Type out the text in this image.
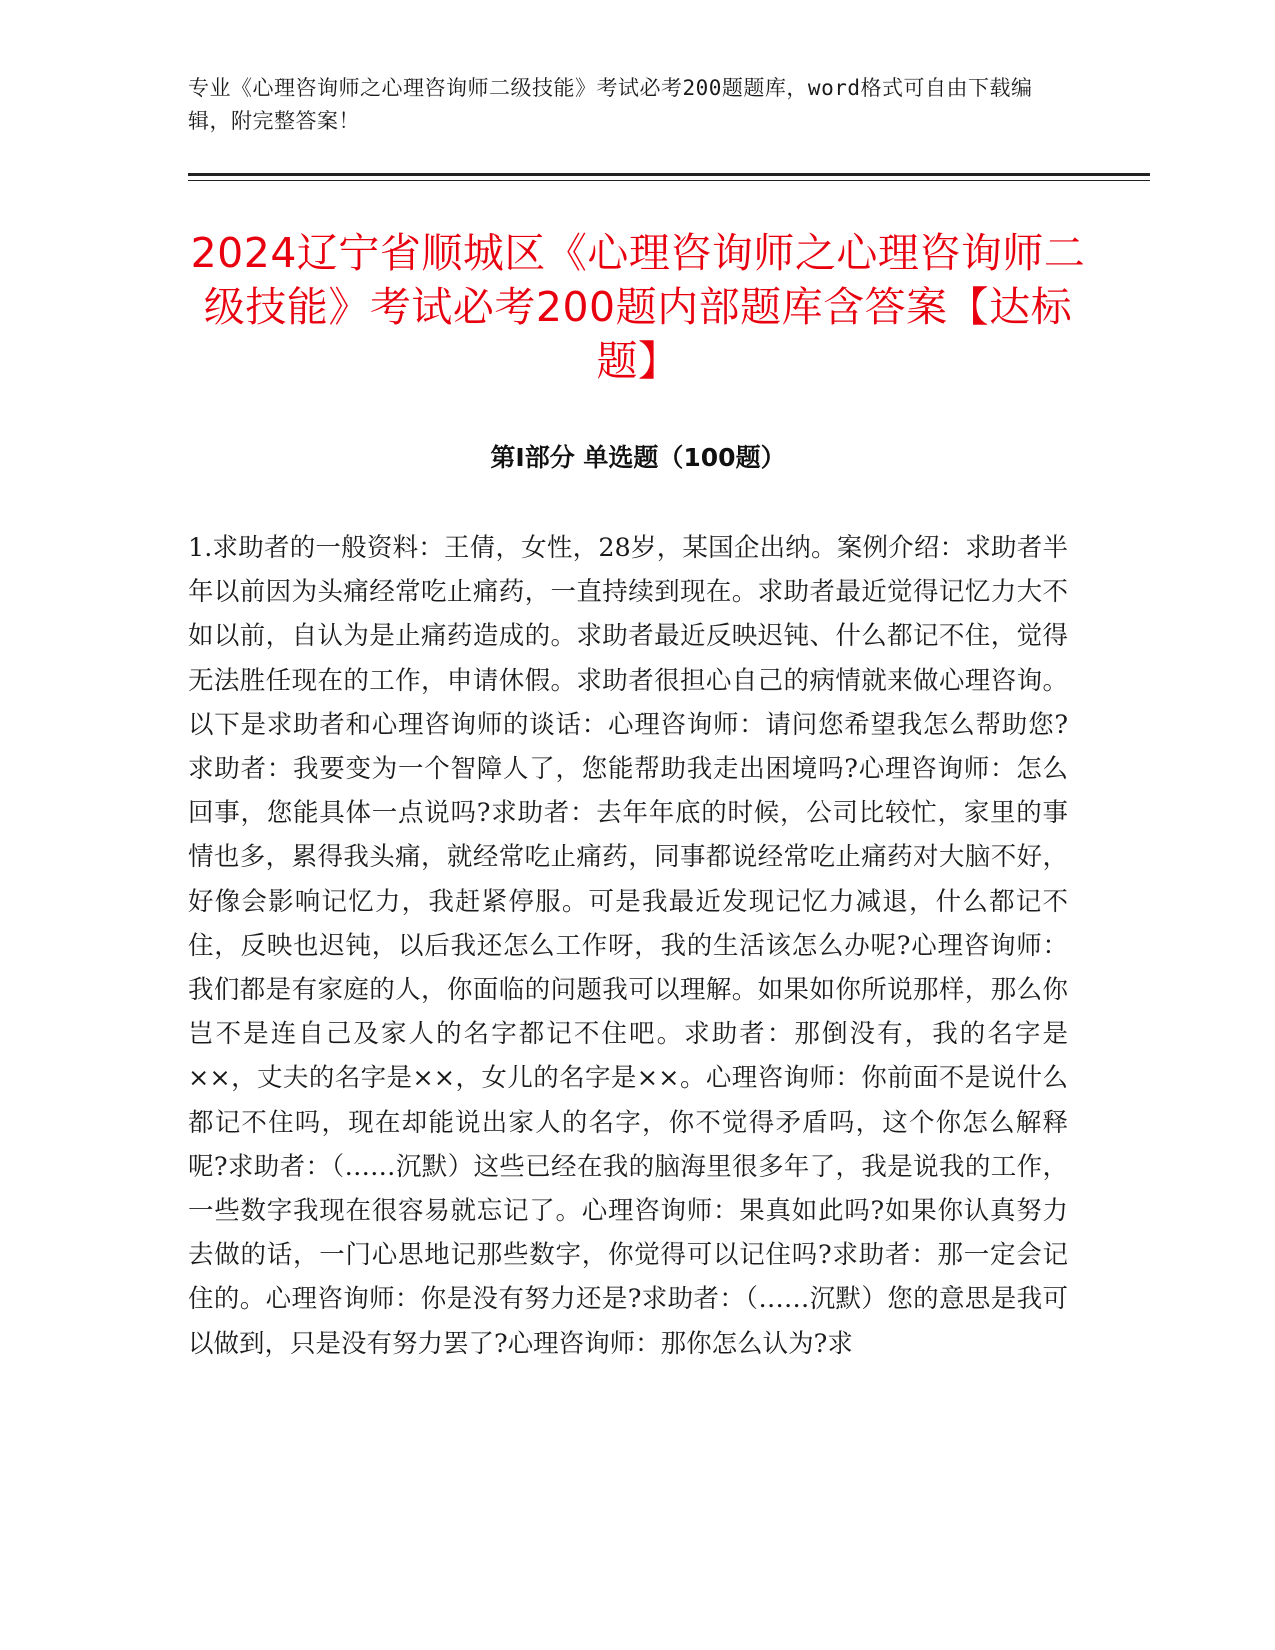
专业《心理咨询师之心理咨询师二级技能》考试必考200题题库，word格式可自由下载编辑，附完整答案！
2024辽宁省顺城区《心理咨询师之心理咨询师二级技能》考试必考200题内部题库含答案【达标题】
第I部分 单选题（100题）

1.求助者的一般资料：王倩，女性，28岁，某国企出纳。案例介绍：求助者半年以前因为头痛经常吃止痛药，一直持续到现在。求助者最近觉得记忆力大不如以前，自认为是止痛药造成的。求助者最近反映迟钝、什么都记不住，觉得无法胜任现在的工作，申请休假。求助者很担心自己的病情就来做心理咨询。以下是求助者和心理咨询师的谈话：心理咨询师：请问您希望我怎么帮助您?求助者：我要变为一个智障人了，您能帮助我走出困境吗?心理咨询师：怎么回事，您能具体一点说吗?求助者：去年年底的时候，公司比较忙，家里的事情也多，累得我头痛，就经常吃止痛药，同事都说经常吃止痛药对大脑不好，好像会影响记忆力，我赶紧停服。可是我最近发现记忆力减退，什么都记不住，反映也迟钝，以后我还怎么工作呀，我的生活该怎么办呢?心理咨询师：我们都是有家庭的人，你面临的问题我可以理解。如果如你所说那样，那么你岂不是连自己及家人的名字都记不住吧。求助者：那倒没有，我的名字是××，丈夫的名字是××，女儿的名字是××。心理咨询师：你前面不是说什么都记不住吗，现在却能说出家人的名字，你不觉得矛盾吗，这个你怎么解释呢?求助者：（……沉默）这些已经在我的脑海里很多年了，我是说我的工作，一些数字我现在很容易就忘记了。心理咨询师：果真如此吗?如果你认真努力去做的话，一门心思地记那些数字，你觉得可以记住吗?求助者：那一定会记住的。心理咨询师：你是没有努力还是?求助者：（……沉默）您的意思是我可以做到，只是没有努力罢了?心理咨询师：那你怎么认为?求
